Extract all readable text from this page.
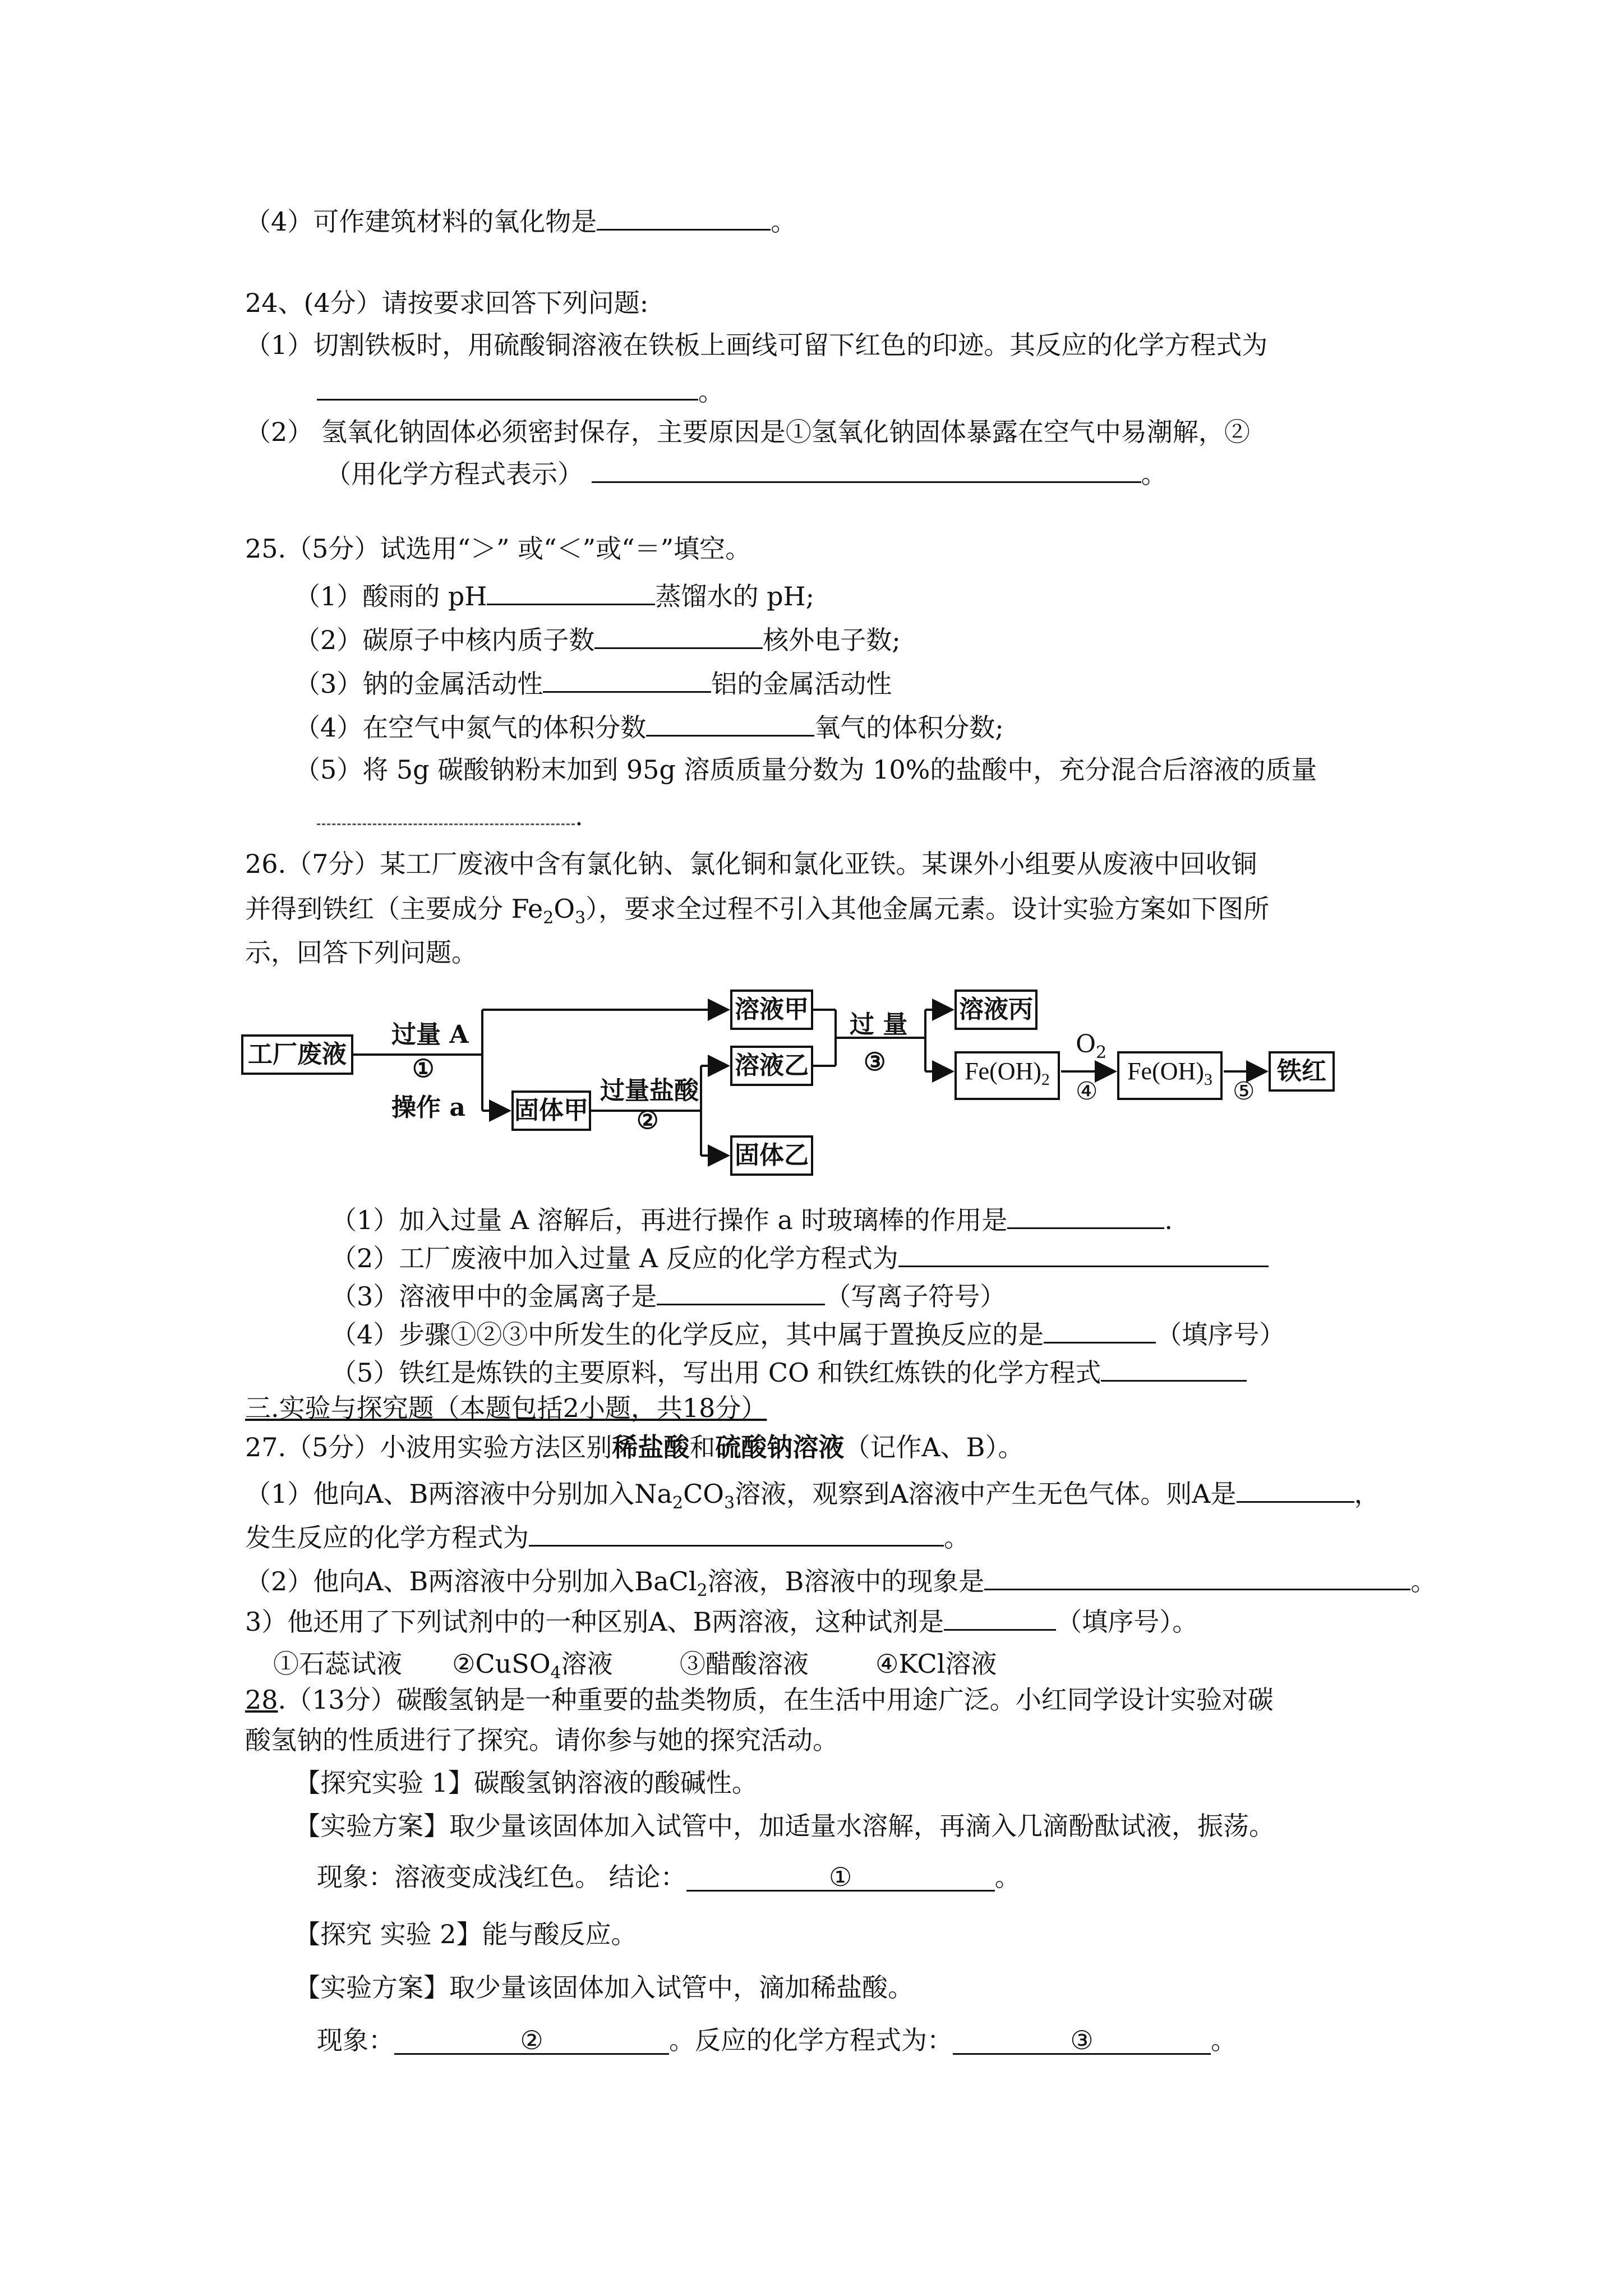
（4）可作建筑材料的氧化物是	。
24、(4分）请按要求回答下列问题:
（1）切割铁板时，用硫酸铜溶液在铁板上画线可留下红色的印迹。其反应的化学方程式为
。
（2） 氢氧化钠固体必须密封保存，主要原因是①氢氧化钠固体暴露在空气中易潮解，②
（用化学方程式表示）	。
25.（5分）试选用“＞” 或“＜”或“＝”填空。
（1）酸雨的 pH	蒸馏水的 pH;
（2）碳原子中核内质子数	核外电子数;
（3）钠的金属活动性	铝的金属活动性
（4）在空气中氮气的体积分数	氧气的体积分数;
（5）将 5g 碳酸钠粉末加到 95g 溶质质量分数为 10%的盐酸中，充分混合后溶液的质量
.
26.（7分）某工厂废液中含有氯化钠、氯化铜和氯化亚铁。某课外小组要从废液中回收铜
并得到铁红（主要成分 $Fe_2O_3$），要求全过程不引入其他金属元素。设计实验方案如下图所
示，回答下列问题。
工厂废液
过量 A
①
操作 a 固体甲
过量盐酸
②
溶液甲
溶液乙
固体乙
过 量
③
溶液丙
$Fe(OH)_2$
$O_2$
④
$Fe(OH)_3$ ⑤
铁红
（1）加入过量 A 溶解后，再进行操作 a 时玻璃棒的作用是	.
（2）工厂废液中加入过量 A 反应的化学方程式为
（3）溶液甲中的金属离子是	（写离子符号）
（4）步骤①②③中所发生的化学反应，其中属于置换反应的是	（填序号）
（5）铁红是炼铁的主要原料，写出用 CO 和铁红炼铁的化学方程式
三.实验与探究题（本题包括2小题，共18分）
27.（5分）小波用实验方法区别稀盐酸和硫酸钠溶液（记作A、B）。
（1）他向A、B两溶液中分别加入$Na_2CO_3$溶液，观察到A溶液中产生无色气体。则A是	，
发生反应的化学方程式为	。
（2）他向A、B两溶液中分别加入BaCl$_2$溶液，B溶液中的现象是	。
3）他还用了下列试剂中的一种区别A、B两溶液，这种试剂是	（填序号）。
①石蕊试液 ②CuSO$_4$溶液	③醋酸溶液	④KCl溶液
28.（13分）碳酸氢钠是一种重要的盐类物质，在生活中用途广泛。小红同学设计实验对碳
酸氢钠的性质进行了探究。请你参与她的探究活动。
【探究实验 1】碳酸氢钠溶液的酸碱性。
【实验方案】取少量该固体加入试管中，加适量水溶解，再滴入几滴酚酞试液，振荡。
现象：溶液变成浅红色。 结论：	①	。
【探究 实验 2】能与酸反应。
【实验方案】取少量该固体加入试管中，滴加稀盐酸。
现象：	②	。反应的化学方程式为：	③	。
